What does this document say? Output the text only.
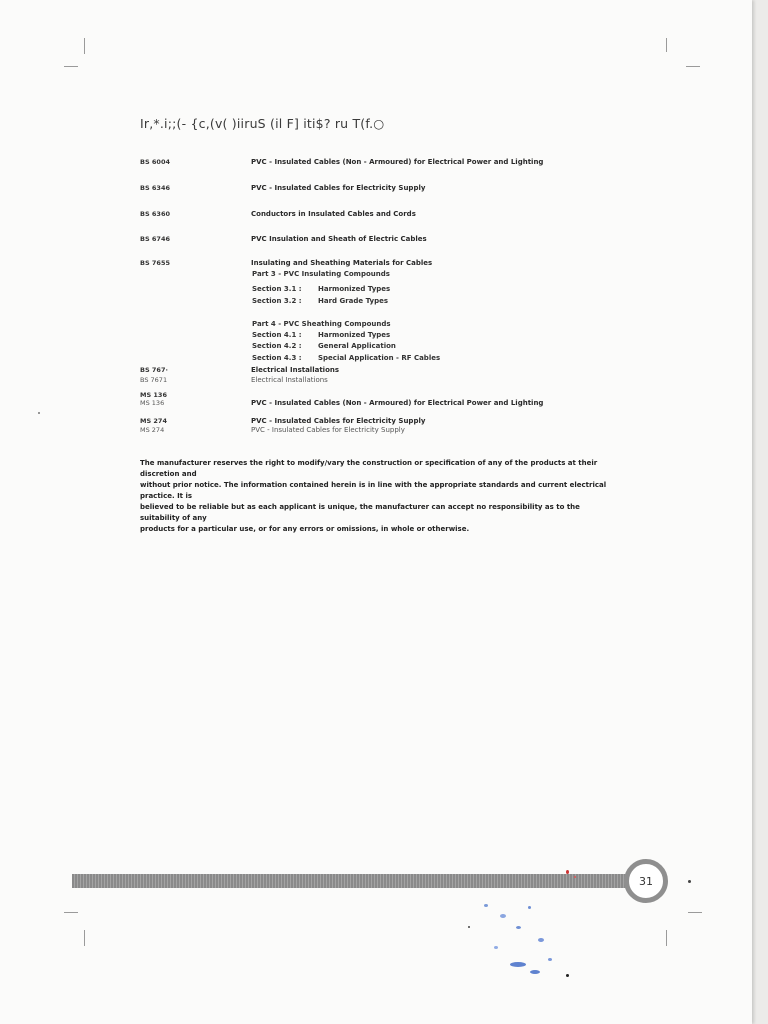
Ir,*.i;;(- {c,(v( )iiruS (il F] iti$? ru T(f.○
BS 6004	PVC - Insulated Cables (Non - Armoured) for Electrical Power and Lighting
BS 6346	PVC - Insulated Cables for Electricity Supply
BS 6360	Conductors in Insulated Cables and Cords
BS 6746	PVC Insulation and Sheath of Electric Cables
BS 7655	Insulating and Sheathing Materials for Cables
Part 3 - PVC Insulating Compounds
Section 3.1 : Harmonized Types
Section 3.2 : Hard Grade Types
Part 4 - PVC Sheathing Compounds
Section 4.1 : Harmonized Types
Section 4.2 : General Application
Section 4.3 : Special Application - RF Cables
BS 767·	Electrical Installations
BS 7671	Electrical Installations
MS 136
MS 136	PVC - Insulated Cables (Non - Armoured) for Electrical Power and Lighting
MS 274	PVC - Insulated Cables for Electricity Supply
MS 274	PVC - Insulated Cables for Electricity Supply

The manufacturer reserves the right to modify/vary the construction or specification of any of the products at their discretion and

without prior notice. The information contained herein is in line with the appropriate standards and current electrical practice. It is

believed to be reliable but as each applicant is unique, the manufacturer can accept no responsibility as to the suitability of any

products for a particular use, or for any errors or omissions, in whole or otherwise.

31
